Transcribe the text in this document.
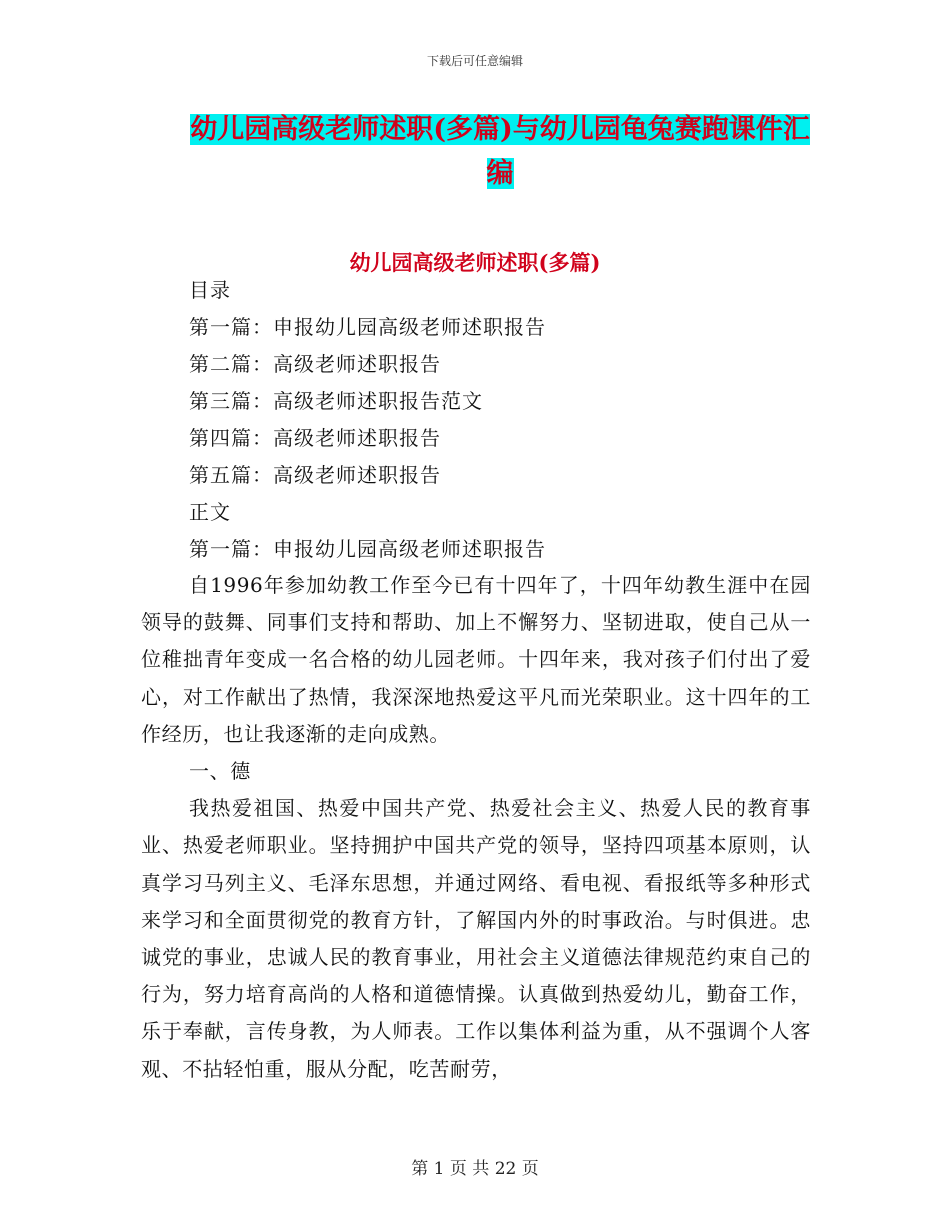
下载后可任意编辑
幼儿园高级老师述职(多篇)与幼儿园龟兔赛跑课件汇编
幼儿园高级老师述职(多篇)
目录
第一篇：申报幼儿园高级老师述职报告
第二篇：高级老师述职报告
第三篇：高级老师述职报告范文
第四篇：高级老师述职报告
第五篇：高级老师述职报告
正文
第一篇：申报幼儿园高级老师述职报告

自1996年参加幼教工作至今已有十四年了，十四年幼教生涯中在园领导的鼓舞、同事们支持和帮助、加上不懈努力、坚韧进取，使自己从一位稚拙青年变成一名合格的幼儿园老师。十四年来，我对孩子们付出了爱心，对工作献出了热情，我深深地热爱这平凡而光荣职业。这十四年的工作经历，也让我逐渐的走向成熟。

一、德

我热爱祖国、热爱中国共产党、热爱社会主义、热爱人民的教育事业、热爱老师职业。坚持拥护中国共产党的领导，坚持四项基本原则，认真学习马列主义、毛泽东思想，并通过网络、看电视、看报纸等多种形式来学习和全面贯彻党的教育方针，了解国内外的时事政治。与时俱进。忠诚党的事业，忠诚人民的教育事业，用社会主义道德法律规范约束自己的行为，努力培育高尚的人格和道德情操。认真做到热爱幼儿，勤奋工作，乐于奉献，言传身教，为人师表。工作以集体利益为重，从不强调个人客观、不拈轻怕重，服从分配，吃苦耐劳，

第 1 页 共 22 页
